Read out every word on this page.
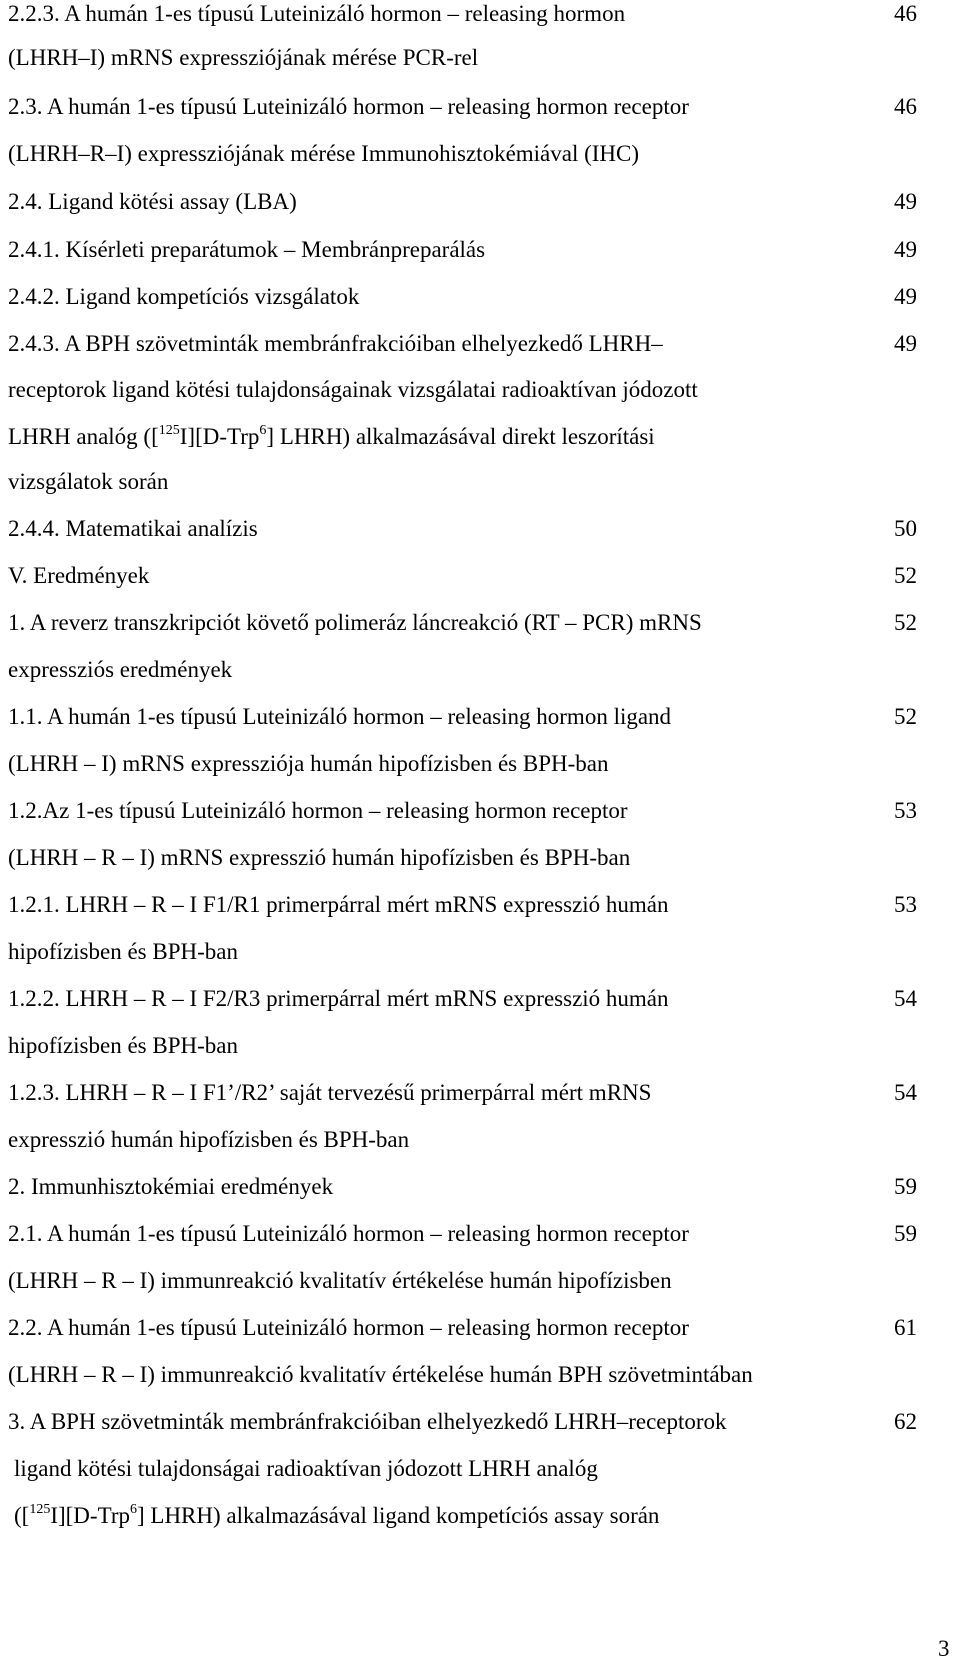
2.2.3. A humán 1-es típusú Luteinizáló hormon – releasing hormon	46
(LHRH–I) mRNS expressziójának mérése PCR-rel
2.3. A humán 1-es típusú Luteinizáló hormon – releasing hormon receptor	46
(LHRH–R–I) expressziójának mérése Immunohisztokémiával (IHC)
2.4. Ligand kötési assay (LBA)	49
2.4.1. Kísérleti preparátumok – Membránpreparálás	49
2.4.2. Ligand kompetíciós vizsgálatok	49
2.4.3. A BPH szövetminták membránfrakcióiban elhelyezkedő LHRH–	49
receptorok ligand kötési tulajdonságainak vizsgálatai radioaktívan jódozott
LHRH analóg ([$^{125}$I][D-Trp$^6$] LHRH) alkalmazásával direkt leszorítási
vizsgálatok során
2.4.4. Matematikai analízis	50
V. Eredmények	52
1. A reverz transzkripciót követő polimeráz láncreakció (RT – PCR) mRNS	52
expressziós eredmények
1.1. A humán 1-es típusú Luteinizáló hormon – releasing hormon ligand	52
(LHRH – I) mRNS expressziója humán hipofízisben és BPH-ban
1.2.Az 1-es típusú Luteinizáló hormon – releasing hormon receptor	53
(LHRH – R – I) mRNS expresszió humán hipofízisben és BPH-ban
1.2.1. LHRH – R – I F1/R1 primerpárral mért mRNS expresszió humán	53
hipofízisben és BPH-ban
1.2.2. LHRH – R – I F2/R3 primerpárral mért mRNS expresszió humán	54
hipofízisben és BPH-ban
1.2.3. LHRH – R – I F1’/R2’ saját tervezésű primerpárral mért mRNS	54
expresszió humán hipofízisben és BPH-ban
2. Immunhisztokémiai eredmények	59
2.1. A humán 1-es típusú Luteinizáló hormon – releasing hormon receptor	59
(LHRH – R – I) immunreakció kvalitatív értékelése humán hipofízisben
2.2. A humán 1-es típusú Luteinizáló hormon – releasing hormon receptor	61
(LHRH – R – I) immunreakció kvalitatív értékelése humán BPH szövetmintában
3. A BPH szövetminták membránfrakcióiban elhelyezkedő LHRH–receptorok	62
ligand kötési tulajdonságai radioaktívan jódozott LHRH analóg
([$^{125}$I][D-Trp$^6$] LHRH) alkalmazásával ligand kompetíciós assay során
3
